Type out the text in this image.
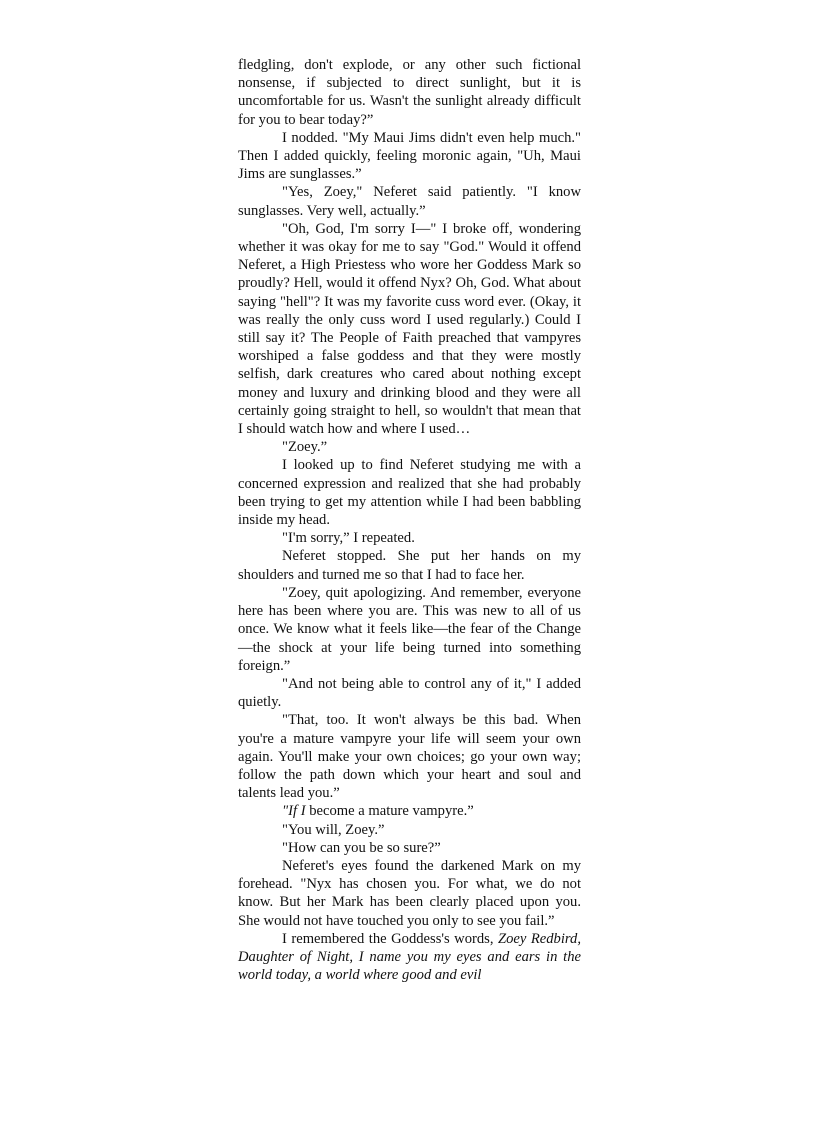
fledgling, don't explode, or any other such fictional nonsense, if subjected to direct sunlight, but it is uncomfortable for us. Wasn't the sunlight already difficult for you to bear today?”

I nodded. "My Maui Jims didn't even help much." Then I added quickly, feeling moronic again, "Uh, Maui Jims are sunglasses.”

"Yes, Zoey," Neferet said patiently. "I know sunglasses. Very well, actually.”

"Oh, God, I'm sorry I—" I broke off, wondering whether it was okay for me to say "God." Would it offend Neferet, a High Priestess who wore her Goddess Mark so proudly? Hell, would it offend Nyx? Oh, God. What about saying "hell"? It was my favorite cuss word ever. (Okay, it was really the only cuss word I used regularly.) Could I still say it? The People of Faith preached that vampyres worshiped a false goddess and that they were mostly selfish, dark creatures who cared about nothing except money and luxury and drinking blood and they were all certainly going straight to hell, so wouldn't that mean that I should watch how and where I used…

"Zoey.”

I looked up to find Neferet studying me with a concerned expression and realized that she had probably been trying to get my attention while I had been babbling inside my head.

"I'm sorry,” I repeated.

Neferet stopped. She put her hands on my shoulders and turned me so that I had to face her.

"Zoey, quit apologizing. And remember, everyone here has been where you are. This was new to all of us once. We know what it feels like—the fear of the Change—the shock at your life being turned into something foreign.”

"And not being able to control any of it," I added quietly.

"That, too. It won't always be this bad. When you're a mature vampyre your life will seem your own again. You'll make your own choices; go your own way; follow the path down which your heart and soul and talents lead you.”

"If I become a mature vampyre.”

"You will, Zoey.”

"How can you be so sure?”

Neferet's eyes found the darkened Mark on my forehead. "Nyx has chosen you. For what, we do not know. But her Mark has been clearly placed upon you. She would not have touched you only to see you fail.”

I remembered the Goddess's words, Zoey Redbird, Daughter of Night, I name you my eyes and ears in the world today, a world where good and evil
